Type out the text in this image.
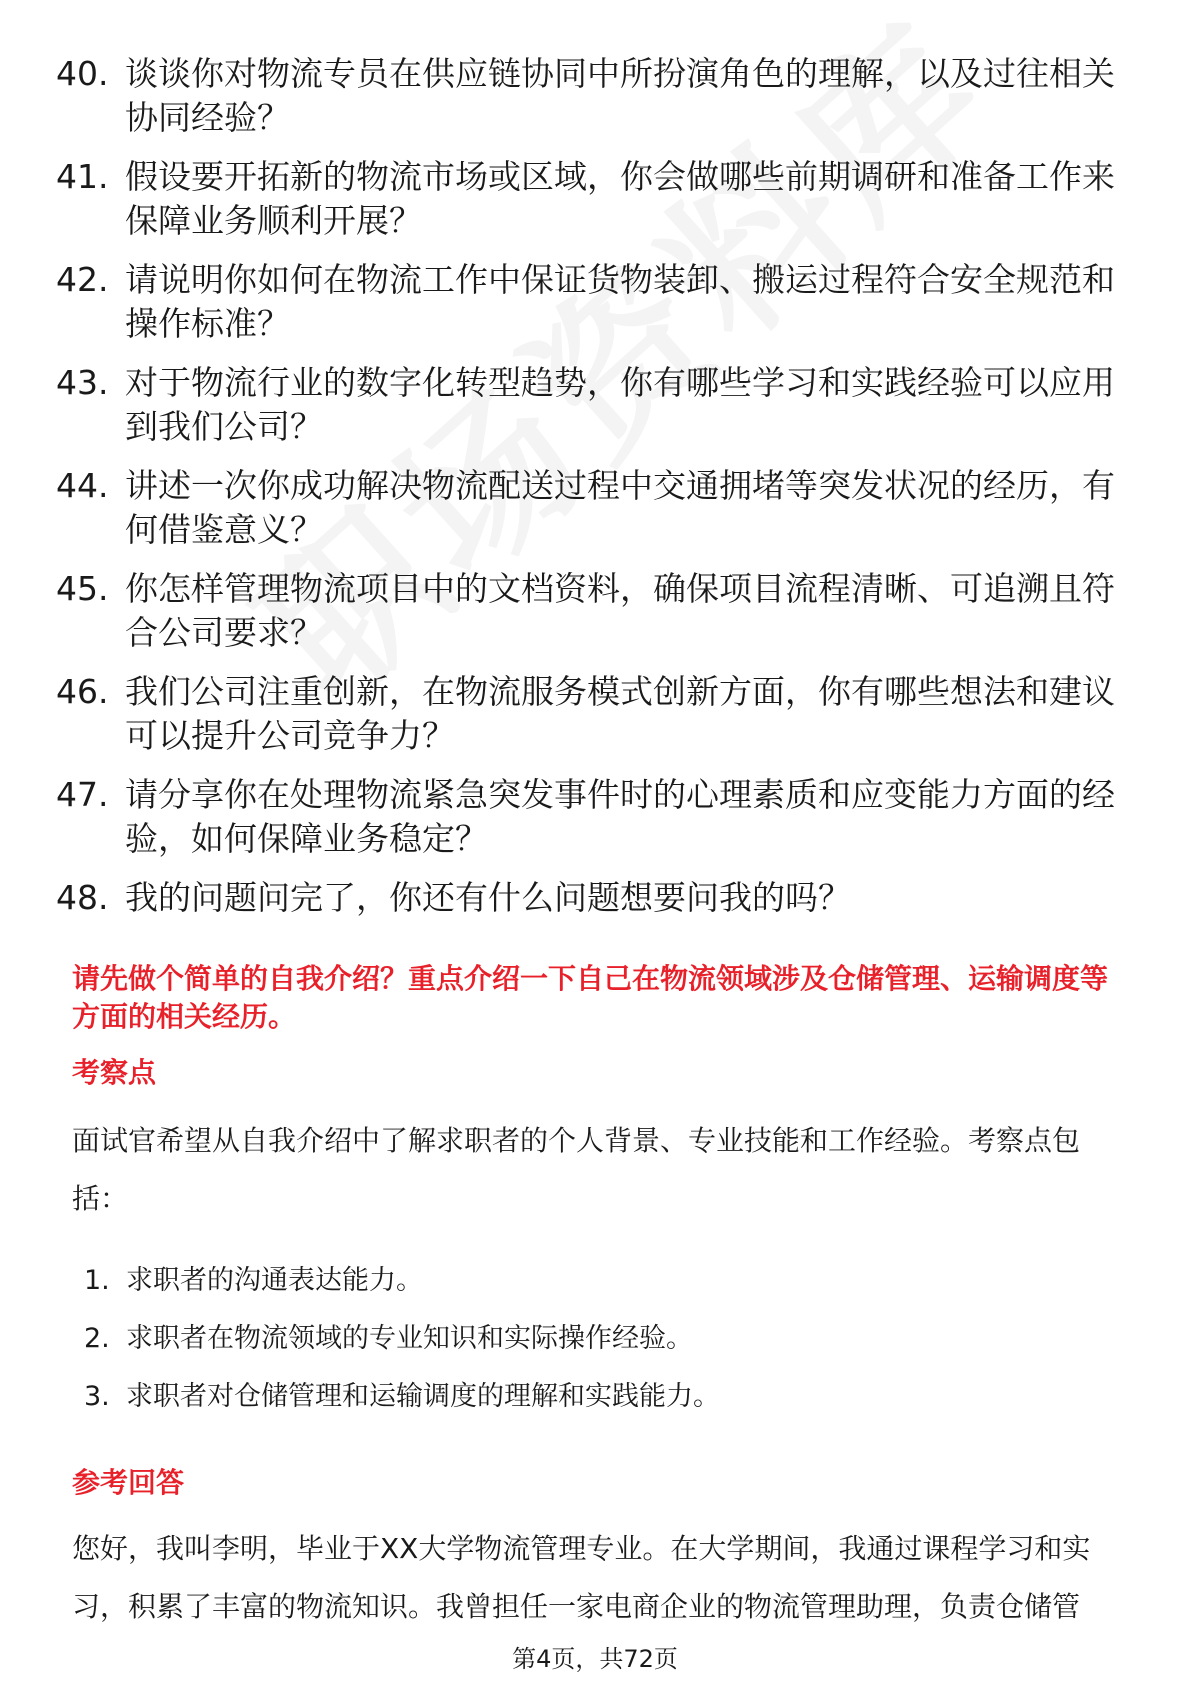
40. 谈谈你对物流专员在供应链协同中所扮演角色的理解，以及过往相关协同经验？
41. 假设要开拓新的物流市场或区域，你会做哪些前期调研和准备工作来保障业务顺利开展？
42. 请说明你如何在物流工作中保证货物装卸、搬运过程符合安全规范和操作标准？
43. 对于物流行业的数字化转型趋势，你有哪些学习和实践经验可以应用到我们公司？
44. 讲述一次你成功解决物流配送过程中交通拥堵等突发状况的经历，有何借鉴意义？
45. 你怎样管理物流项目中的文档资料，确保项目流程清晰、可追溯且符合公司要求？
46. 我们公司注重创新，在物流服务模式创新方面，你有哪些想法和建议可以提升公司竞争力？
47. 请分享你在处理物流紧急突发事件时的心理素质和应变能力方面的经验，如何保障业务稳定？
48. 我的问题问完了，你还有什么问题想要问我的吗？
请先做个简单的自我介绍？重点介绍一下自己在物流领域涉及仓储管理、运输调度等方面的相关经历。
考察点
面试官希望从自我介绍中了解求职者的个人背景、专业技能和工作经验。考察点包括：
1. 求职者的沟通表达能力。
2. 求职者在物流领域的专业知识和实际操作经验。
3. 求职者对仓储管理和运输调度的理解和实践能力。
参考回答
您好，我叫李明，毕业于XX大学物流管理专业。在大学期间，我通过课程学习和实习，积累了丰富的物流知识。我曾担任一家电商企业的物流管理助理，负责仓储管
第4页，共72页
